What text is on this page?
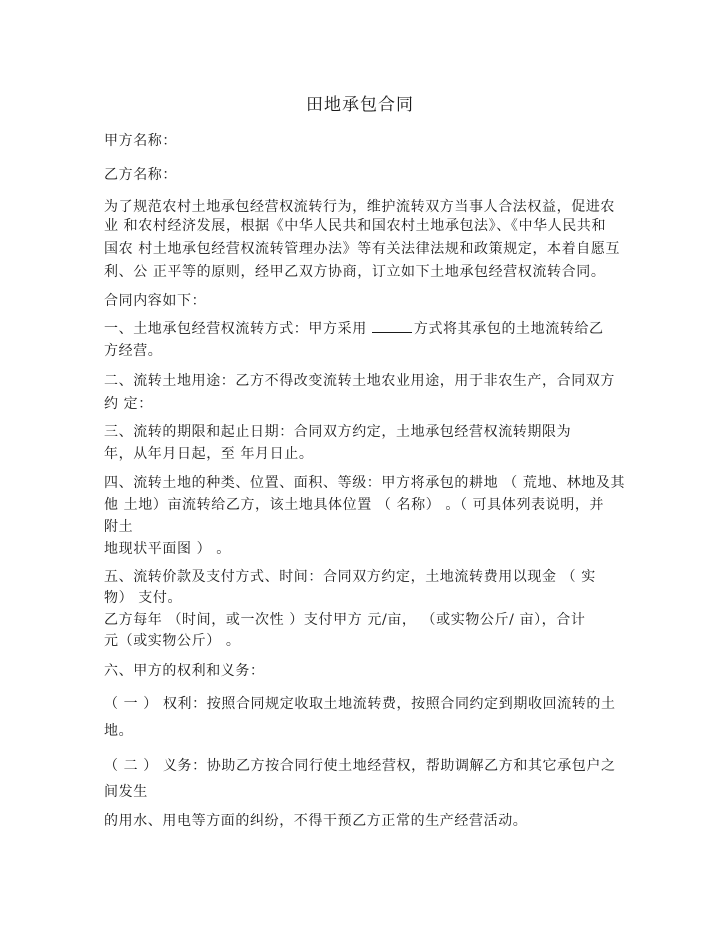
田地承包合同
甲方名称：
乙方名称：
为了规范农村土地承包经营权流转行为，维护流转双方当事人合法权益，促进农
业 和农村经济发展，根据《中华人民共和国农村土地承包法》、《中华人民共和
国农 村土地承包经营权流转管理办法》等有关法律法规和政策规定，本着自愿互
利、公 正平等的原则，经甲乙双方协商，订立如下土地承包经营权流转合同。
合同内容如下：
一、土地承包经营权流转方式：甲方采用	方式将其承包的土地流转给乙
方经营。
二、流转土地用途：乙方不得改变流转土地农业用途，用于非农生产，合同双方
约 定：
三、流转的期限和起止日期：合同双方约定，土地承包经营权流转期限为
年，从年月日起，至 年月日止。
四、流转土地的种类、位置、面积、等级：甲方将承包的耕地 （ 荒地、林地及其
他 土地）亩流转给乙方，该土地具体位置 （ 名称） 。（ 可具体列表说明，并
附土
地现状平面图 ） 。
五、流转价款及支付方式、时间：合同双方约定，土地流转费用以现金 （ 实
物） 支付。
乙方每年 （时间，或一次性 ）支付甲方 元/亩， （或实物公斤/ 亩），合计
元（或实物公斤） 。
六、甲方的权利和义务：
（ 一 ） 权利：按照合同规定收取土地流转费，按照合同约定到期收回流转的土
地。
（ 二 ） 义务：协助乙方按合同行使土地经营权，帮助调解乙方和其它承包户之
间发生
的用水、用电等方面的纠纷，不得干预乙方正常的生产经营活动。
